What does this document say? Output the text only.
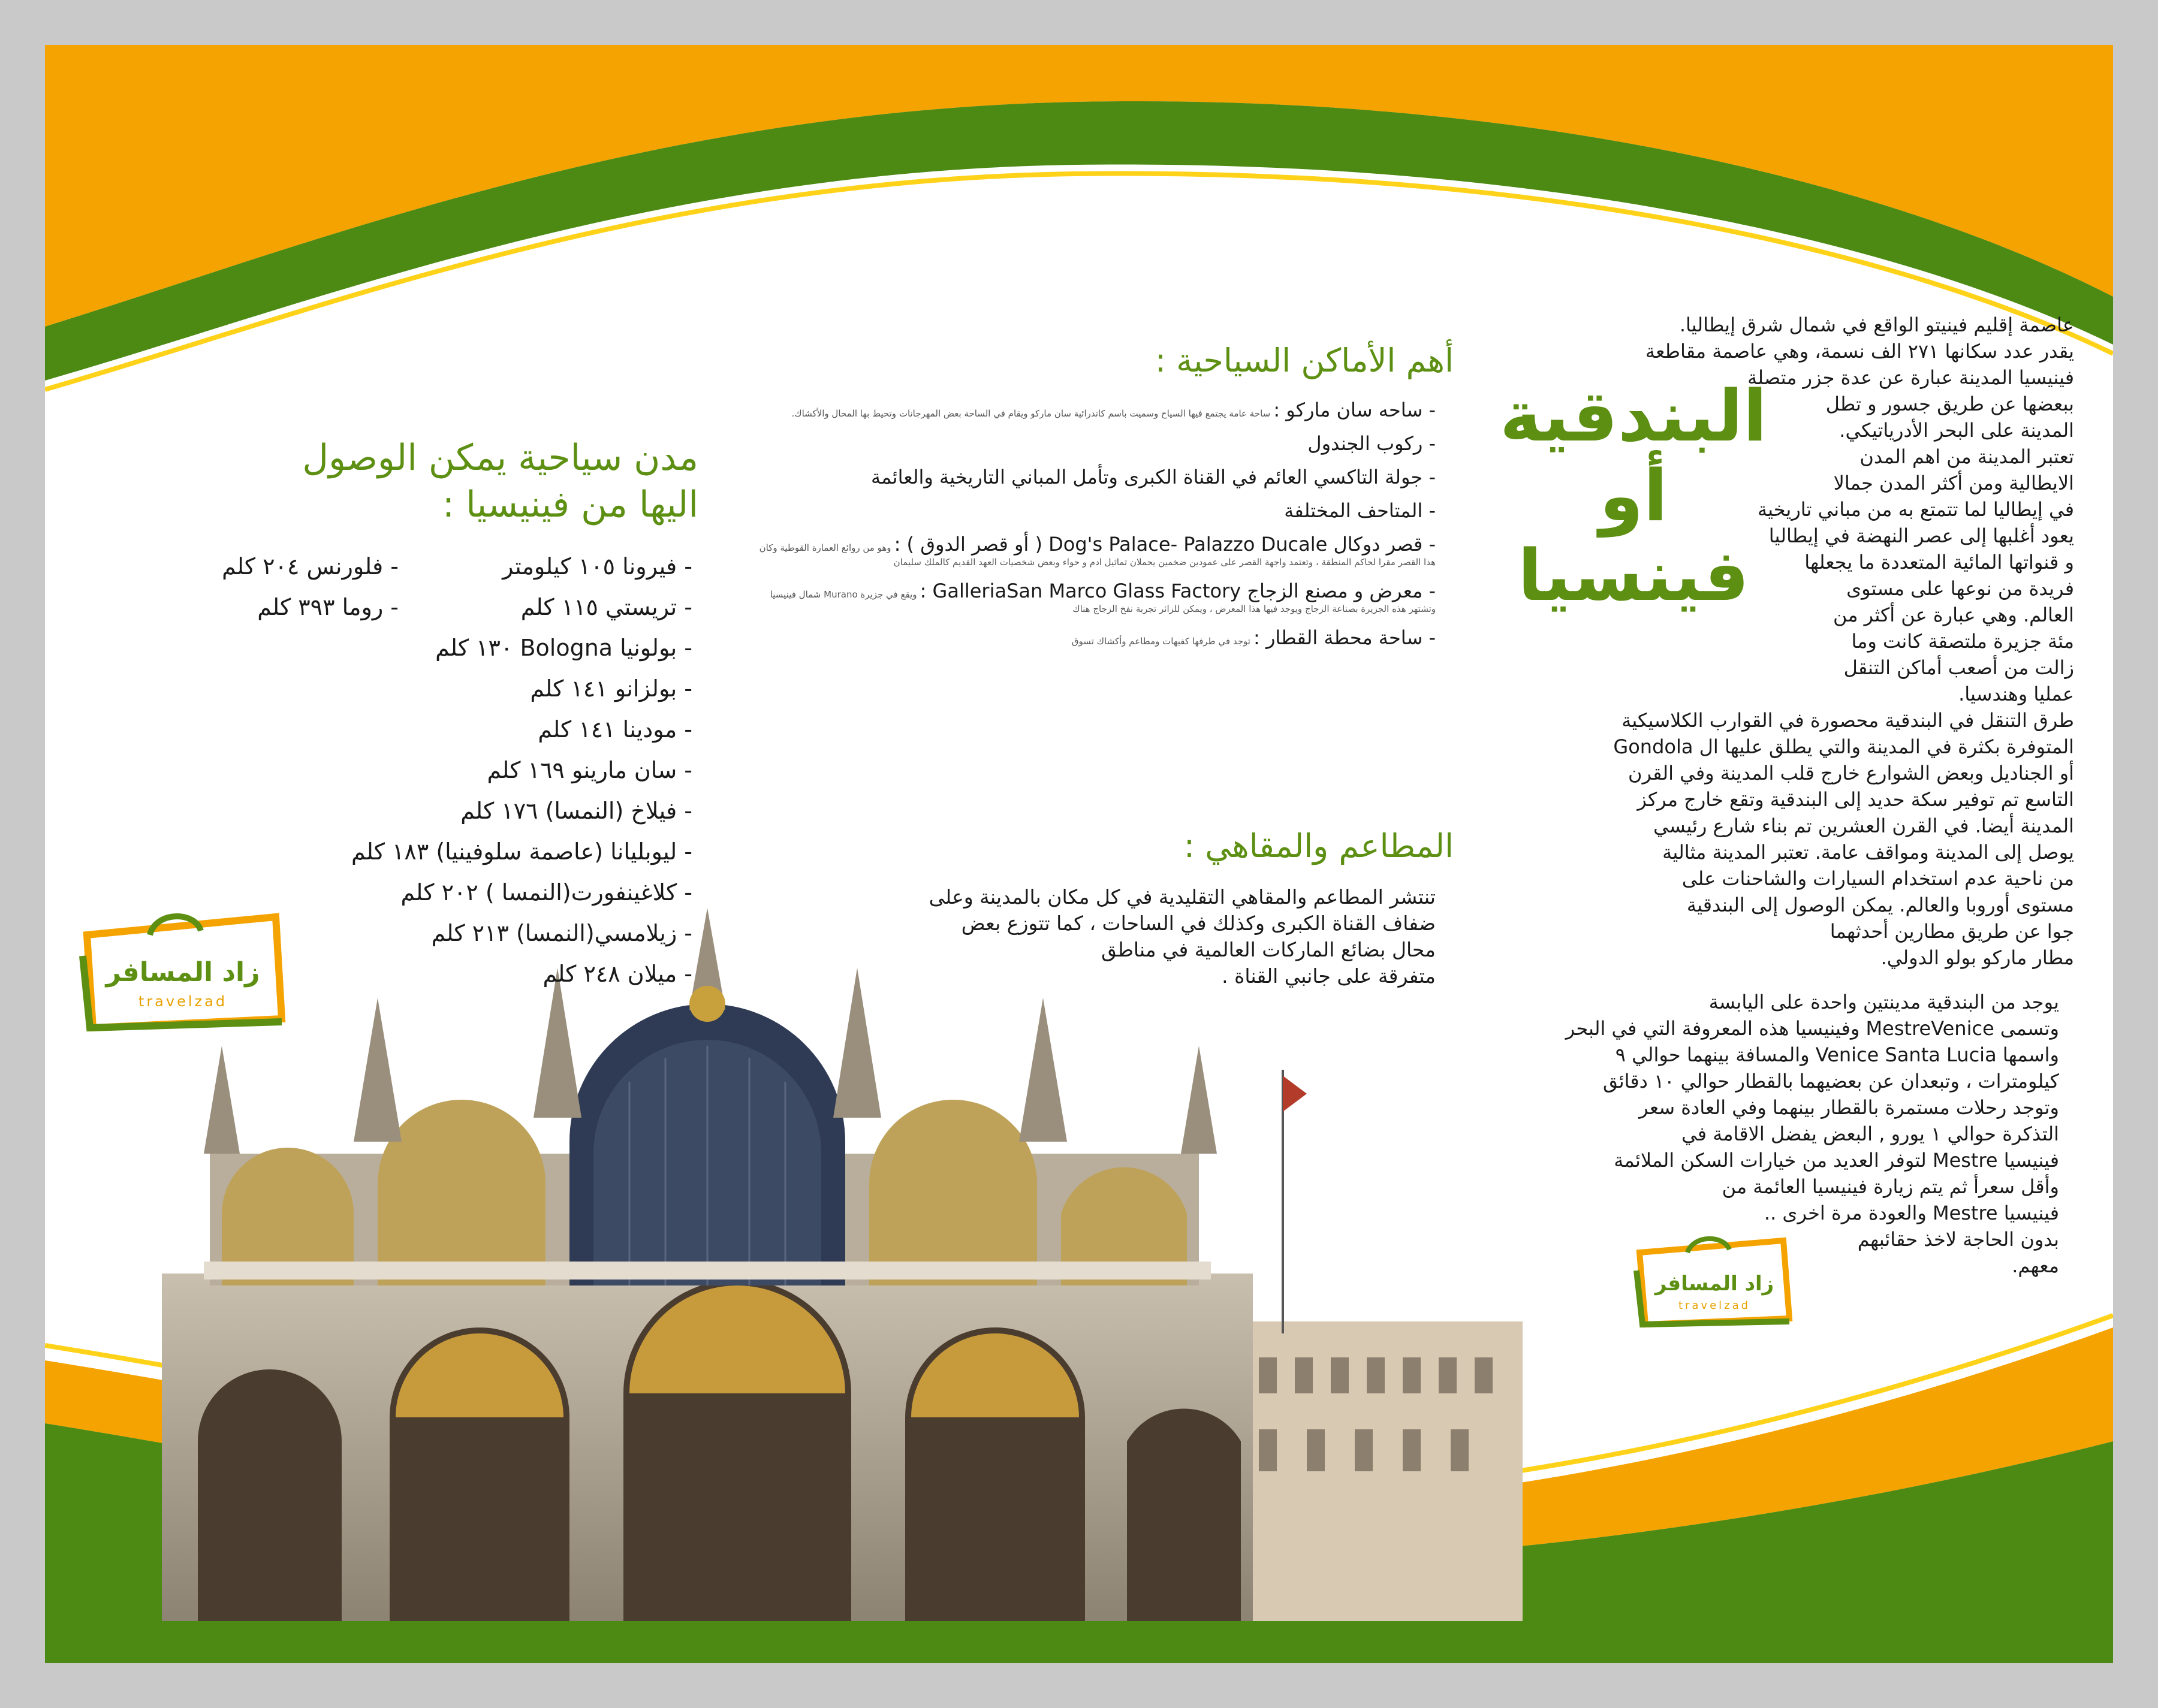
البندقية
أو
فينسيا
عاصمة إقليم فينيتو الواقع في شمال شرق إيطاليا.
يقدر عدد سكانها ٢٧١ الف نسمة، وهي عاصمة مقاطعة
فينيسيا المدينة عبارة عن عدة جزر متصلة
ببعضها عن طريق جسور و تطل
المدينة على البحر الأدرياتيكي.
تعتبر المدينة من اهم المدن
الايطالية ومن أكثر المدن جمالا
في إيطاليا لما تتمتع به من مباني تاريخية
يعود أغلبها إلى عصر النهضة في إيطاليا
و قنواتها المائية المتعددة ما يجعلها
فريدة من نوعها على مستوى
العالم. وهي عبارة عن أكثر من
مئة جزيرة ملتصقة كانت وما
زالت من أصعب أماكن التنقل
عمليا وهندسيا.
طرق التنقل في البندقية محصورة في القوارب الكلاسيكية
المتوفرة بكثرة في المدينة والتي يطلق عليها ال Gondola
أو الجناديل وبعض الشوارع خارج قلب المدينة وفي القرن
التاسع تم توفير سكة حديد إلى البندقية وتقع خارج مركز
المدينة أيضا. في القرن العشرين تم بناء شارع رئيسي
يوصل إلى المدينة ومواقف عامة. تعتبر المدينة مثالية
من ناحية عدم استخدام السيارات والشاحنات على
مستوى أوروبا والعالم. يمكن الوصول إلى البندقية
جوا عن طريق مطارين أحدثهما
مطار ماركو بولو الدولي.
يوجد من البندقية مدينتين واحدة على اليابسة
وتسمى MestreVenice وفينيسيا هذه المعروفة التي في البحر
واسمها Venice Santa Lucia والمسافة بينهما حوالي ٩
كيلومترات ، وتبعدان عن بعضيهما بالقطار حوالي ١٠ دقائق
وتوجد رحلات مستمرة بالقطار بينهما وفي العادة سعر
التذكرة حوالي ١ يورو , البعض يفضل الاقامة في
فينيسيا Mestre لتوفر العديد من خيارات السكن الملائمة
وأقل سعرأ ثم يتم زيارة فينيسيا العائمة من
فينيسيا Mestre والعودة مرة اخرى ..
بدون الحاجة لاخذ حقائبهم
معهم.
زاد المسافر
travelzad
أهم الأماكن السياحية :
- ساحه سان ماركو : ساحة عامة يجتمع فيها السياح وسميت باسم كاتدرائية سان ماركو ويقام في الساحة بعض المهرجانات وتحيط بها المحال والأكشاك.
- ركوب الجندول
- جولة التاكسي العائم في القناة الكبرى وتأمل المباني التاريخية والعائمة
- المتاحف المختلفة
- قصر دوكال Dog's Palace- Palazzo Ducale ( أو قصر الدوق ) : وهو من روائع العمارة القوطية وكان هذا القصر مقرا لحاكم المنطقة ، وتعتمد واجهة القصر على عمودين ضخمين يحملان تماثيل ادم و حواء وبعض شخصيات العهد القديم كالملك سليمان
- معرض و مصنع الزجاج GalleriaSan Marco Glass Factory : ويقع في جزيرة Murano شمال فينيسيا وتشتهر هذه الجزيرة بصناعة الزجاج ويوجد فيها هذا المعرض ، ويمكن للزائر تجربة نفخ الزجاج هناك
- ساحة محطة القطار : توجد في طرفها كفيهات ومطاعم وأكشاك تسوق
المطاعم والمقاهي :
تنتشر المطاعم والمقاهي التقليدية في كل مكان بالمدينة وعلى
ضفاف القناة الكبرى وكذلك في الساحات ، كما تتوزع بعض
محال بضائع الماركات العالمية في مناطق
متفرقة على جانبي القناة .
مدن سياحية يمكن الوصول
اليها من فينيسيا :
- فيرونا ١٠٥ كيلومتر
- فلورنس ٢٠٤ كلم
- تريستي ١١٥ كلم
- روما ٣٩٣ كلم
- بولونيا Bologna ١٣٠ كلم
- بولزانو ١٤١ كلم
- مودينا ١٤١ كلم
- سان مارينو ١٦٩ كلم
- فيلاخ (النمسا) ١٧٦ كلم
- ليوبليانا (عاصمة سلوفينيا) ١٨٣ كلم
- كلاغينفورت(النمسا ) ٢٠٢ كلم
- زيلامسي(النمسا) ٢١٣ كلم
- ميلان ٢٤٨ كلم
زاد المسافر
travelzad
